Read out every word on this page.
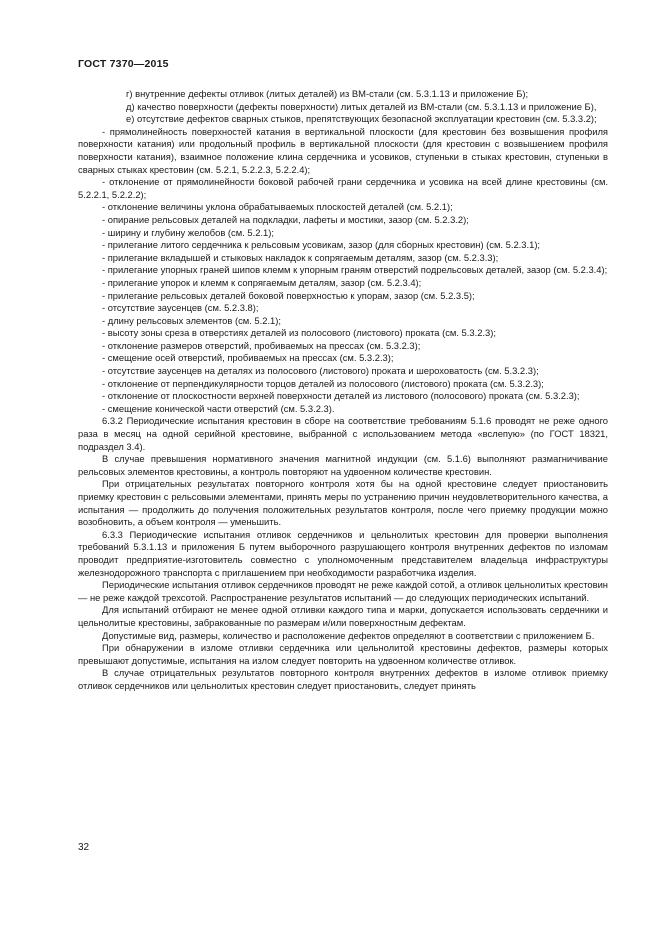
ГОСТ 7370—2015

г) внутренние дефекты отливок (литых деталей) из ВМ-стали (см. 5.3.1.13 и приложение Б);

д) качество поверхности (дефекты поверхности) литых деталей из ВМ-стали (см. 5.3.1.13 и приложение Б),

е) отсутствие дефектов сварных стыков, препятствующих безопасной эксплуатации крестовин (см. 5.3.3.2);

- прямолинейность поверхностей катания в вертикальной плоскости (для крестовин без возвышения профиля поверхности катания) или продольный профиль в вертикальной плоскости (для крестовин с возвышением профиля поверхности катания), взаимное положение клина сердечника и усовиков, ступеньки в стыках крестовин, ступеньки в сварных стыках крестовин (см. 5.2.1, 5.2.2.3, 5.2.2.4);

- отклонение от прямолинейности боковой рабочей грани сердечника и усовика на всей длине крестовины (см. 5.2.2.1, 5.2.2.2);

- отклонение величины уклона обрабатываемых плоскостей деталей (см. 5.2.1);

- опирание рельсовых деталей на подкладки, лафеты и мостики, зазор (см. 5.2.3.2);

- ширину и глубину желобов (см. 5.2.1);

- прилегание литого сердечника к рельсовым усовикам, зазор (для сборных крестовин) (см. 5.2.3.1);

- прилегание вкладышей и стыковых накладок к сопрягаемым деталям, зазор (см. 5.2.3.3);

- прилегание упорных граней шипов клемм к упорным граням отверстий подрельсовых деталей, зазор (см. 5.2.3.4);

- прилегание упорок и клемм к сопрягаемым деталям, зазор (см. 5.2.3.4);

- прилегание рельсовых деталей боковой поверхностью к упорам, зазор (см. 5.2.3.5);

- отсутствие заусенцев (см. 5.2.3.8);

- длину рельсовых элементов (см. 5.2.1);

- высоту зоны среза в отверстиях деталей из полосового (листового) проката (см. 5.3.2.3);

- отклонение размеров отверстий, пробиваемых на прессах (см. 5.3.2.3);

- смещение осей отверстий, пробиваемых на прессах (см. 5.3.2.3);

- отсутствие заусенцев на деталях из полосового (листового) проката и шероховатость (см. 5.3.2.3);

- отклонение от перпендикулярности торцов деталей из полосового (листового) проката (см. 5.3.2.3);

- отклонение от плоскостности верхней поверхности деталей из листового (полосового) проката (см. 5.3.2.3);

- смещение конической части отверстий (см. 5.3.2.3).

6.3.2 Периодические испытания крестовин в сборе на соответствие требованиям 5.1.6 проводят не реже одного раза в месяц на одной серийной крестовине, выбранной с использованием метода «вслепую» (по ГОСТ 18321, подраздел 3.4).

В случае превышения нормативного значения магнитной индукции (см. 5.1.6) выполняют размагничивание рельсовых элементов крестовины, а контроль повторяют на удвоенном количестве крестовин.

При отрицательных результатах повторного контроля хотя бы на одной крестовине следует приостановить приемку крестовин с рельсовыми элементами, принять меры по устранению причин неудовлетворительного качества, а испытания — продолжить до получения положительных результатов контроля, после чего приемку продукции можно возобновить, а объем контроля — уменьшить.

6.3.3 Периодические испытания отливок сердечников и цельнолитых крестовин для проверки выполнения требований 5.3.1.13 и приложения Б путем выборочного разрушающего контроля внутренних дефектов по изломам проводит предприятие-изготовитель совместно с уполномоченным представителем владельца инфраструктуры железнодорожного транспорта с приглашением при необходимости разработчика изделия.

Периодические испытания отливок сердечников проводят не реже каждой сотой, а отливок цельнолитых крестовин — не реже каждой трехсотой. Распространение результатов испытаний — до следующих периодических испытаний.

Для испытаний отбирают не менее одной отливки каждого типа и марки, допускается использовать сердечники и цельнолитые крестовины, забракованные по размерам и/или поверхностным дефектам.

Допустимые вид, размеры, количество и расположение дефектов определяют в соответствии с приложением Б.

При обнаружении в изломе отливки сердечника или цельнолитой крестовины дефектов, размеры которых превышают допустимые, испытания на излом следует повторить на удвоенном количестве отливок.

В случае отрицательных результатов повторного контроля внутренних дефектов в изломе отливок приемку отливок сердечников или цельнолитых крестовин следует приостановить, следует принять

32
